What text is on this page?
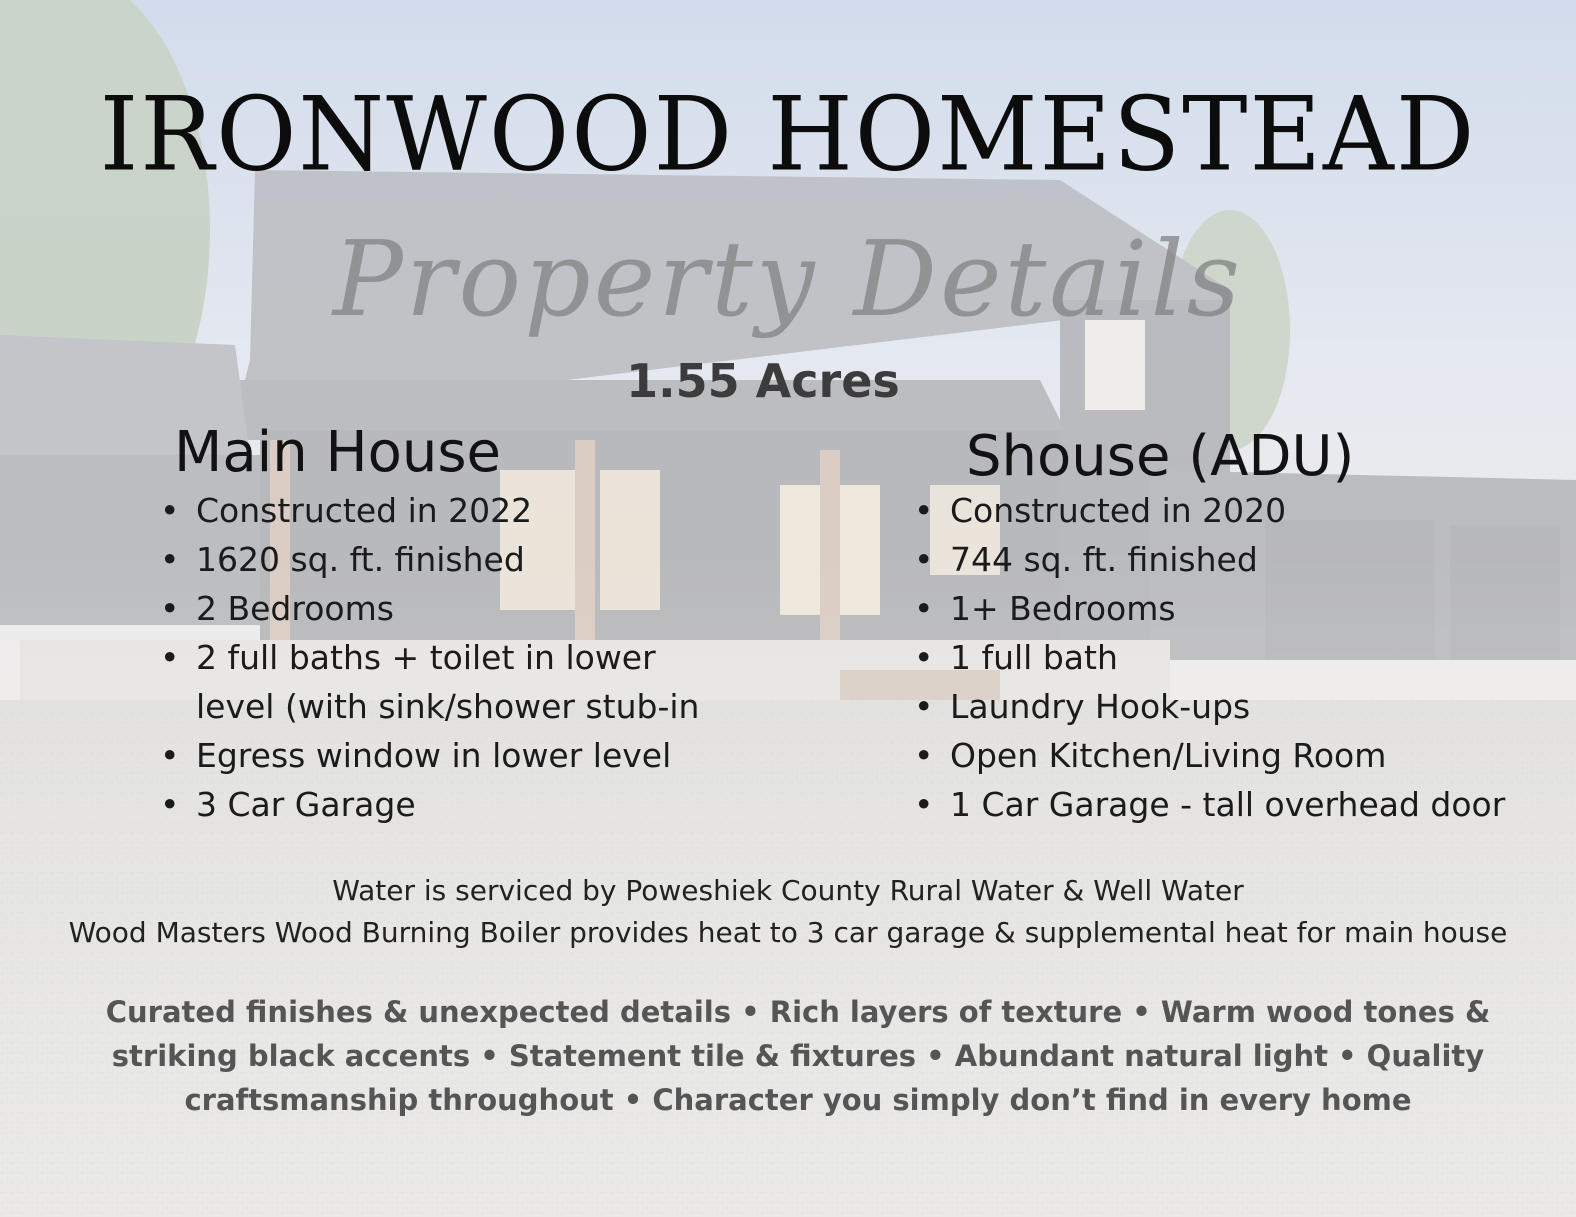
IRONWOOD HOMESTEAD
Property Details
1.55 Acres
Main House
• Constructed in 2022
• 1620 sq. ft. finished
• 2 Bedrooms
• 2 full baths + toilet in lower
level (with sink/shower stub-in
• Egress window in lower level
• 3 Car Garage
Shouse (ADU)
• Constructed in 2020
• 744 sq. ft. finished
• 1+ Bedrooms
• 1 full bath
• Laundry Hook-ups
• Open Kitchen/Living Room
• 1 Car Garage - tall overhead door
Water is serviced by Poweshiek County Rural Water & Well Water
Wood Masters Wood Burning Boiler provides heat to 3 car garage & supplemental heat for main house
Curated finishes & unexpected details • Rich layers of texture • Warm wood tones & striking black accents • Statement tile & fixtures • Abundant natural light • Quality craftsmanship throughout • Character you simply don’t find in every home
